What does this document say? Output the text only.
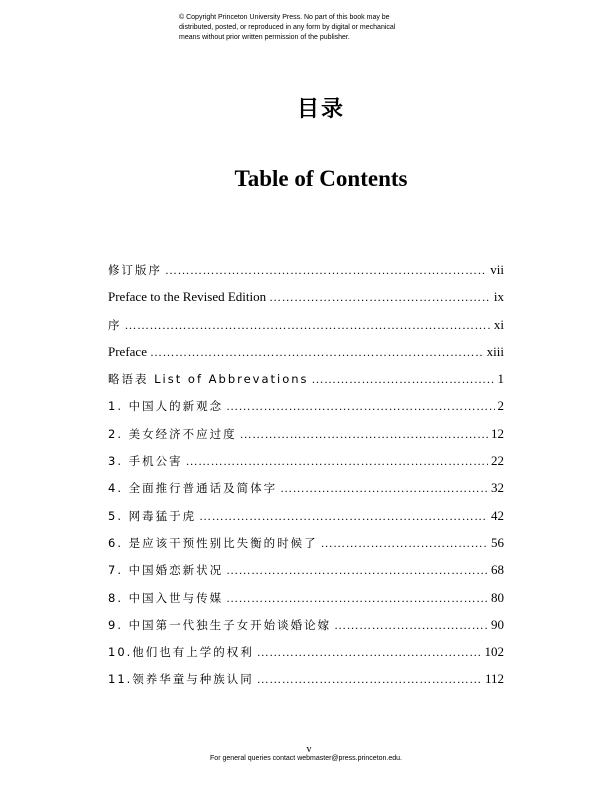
© Copyright Princeton University Press. No part of this book may be
distributed, posted, or reproduced in any form by digital or mechanical
means without prior written permission of the publisher.
目录
Table of Contents
修订版序 ……………………………………………………………………………………………………………………………………………………	vii
Preface to the Revised Edition ……………………………………………………………………………………………………………………………………………………	ix
序 ……………………………………………………………………………………………………………………………………………………	xi
Preface ……………………………………………………………………………………………………………………………………………………	xiii
略语表 List of Abbrevations ……………………………………………………………………………………………………………………………………………………	1
1. 中国人的新观念 ……………………………………………………………………………………………………………………………………………………	2
2. 美女经济不应过度 ……………………………………………………………………………………………………………………………………………………	12
3. 手机公害 ……………………………………………………………………………………………………………………………………………………	22
4. 全面推行普通话及简体字 ……………………………………………………………………………………………………………………………………………………	32
5. 网毒猛于虎 ……………………………………………………………………………………………………………………………………………………	42
6. 是应该干预性别比失衡的时候了 ……………………………………………………………………………………………………………………………………………………	56
7. 中国婚恋新状况 ……………………………………………………………………………………………………………………………………………………	68
8. 中国入世与传媒 ……………………………………………………………………………………………………………………………………………………	80
9. 中国第一代独生子女开始谈婚论嫁 ……………………………………………………………………………………………………………………………………………………	90
10.他们也有上学的权利 ……………………………………………………………………………………………………………………………………………………	102
11.领养华童与种族认同 ……………………………………………………………………………………………………………………………………………………	112
v
For general queries contact webmaster@press.princeton.edu.
